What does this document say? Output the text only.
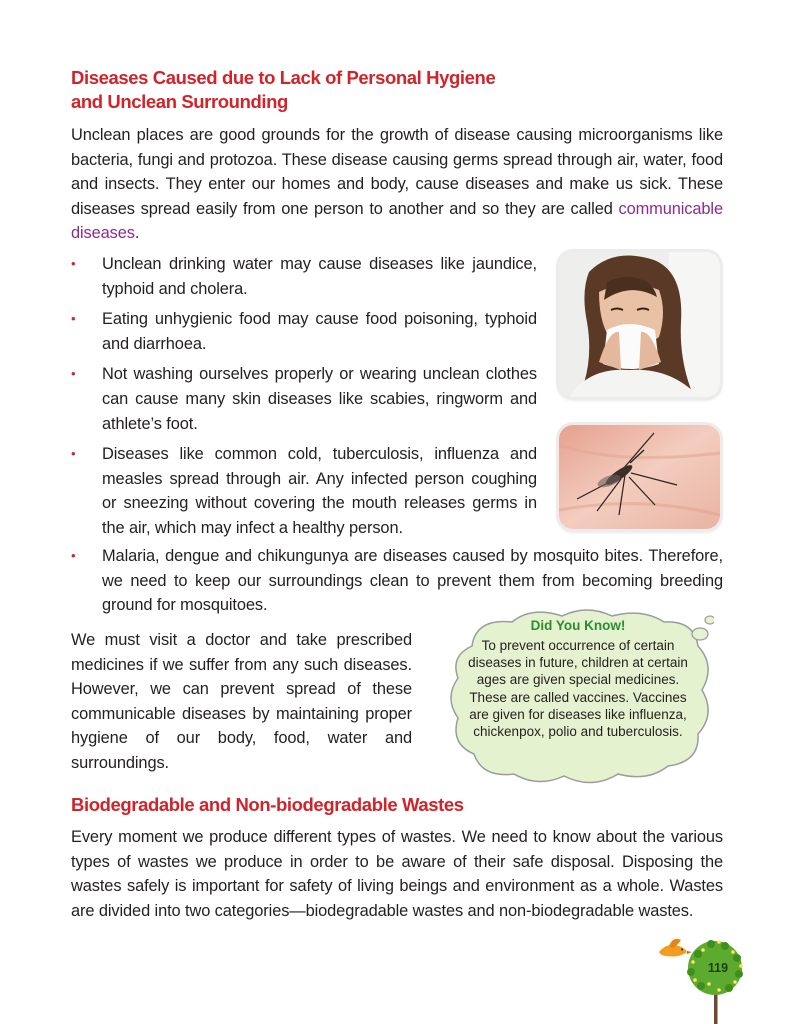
Diseases Caused due to Lack of Personal Hygiene
and Unclean Surrounding

Unclean places are good grounds for the growth of disease causing microorganisms like bacteria, fungi and protozoa. These disease causing germs spread through air, water, food and insects. They enter our homes and body, cause diseases and make us sick. These diseases spread easily from one person to another and so they are called communicable diseases.

• Unclean drinking water may cause diseases like jaundice, typhoid and cholera.
• Eating unhygienic food may cause food poisoning, typhoid and diarrhoea.
• Not washing ourselves properly or wearing unclean clothes can cause many skin diseases like scabies, ringworm and athlete’s foot.
• Diseases like common cold, tuberculosis, influenza and measles spread through air. Any infected person coughing or sneezing without covering the mouth releases germs in the air, which may infect a healthy person.
• Malaria, dengue and chikungunya are diseases caused by mosquito bites. Therefore, we need to keep our surroundings clean to prevent them from becoming breeding ground for mosquitoes.

We must visit a doctor and take prescribed medicines if we suffer from any such diseases. However, we can prevent spread of these communicable diseases by maintaining proper hygiene of our body, food, water and surroundings.

Did You Know!
To prevent occurrence of certain diseases in future, children at certain ages are given special medicines. These are called vaccines. Vaccines are given for diseases like influenza, chickenpox, polio and tuberculosis.
Biodegradable and Non-biodegradable Wastes

Every moment we produce different types of wastes. We need to know about the various types of wastes we produce in order to be aware of their safe disposal. Disposing the wastes safely is important for safety of living beings and environment as a whole. Wastes are divided into two categories—biodegradable wastes and non-biodegradable wastes.

119
